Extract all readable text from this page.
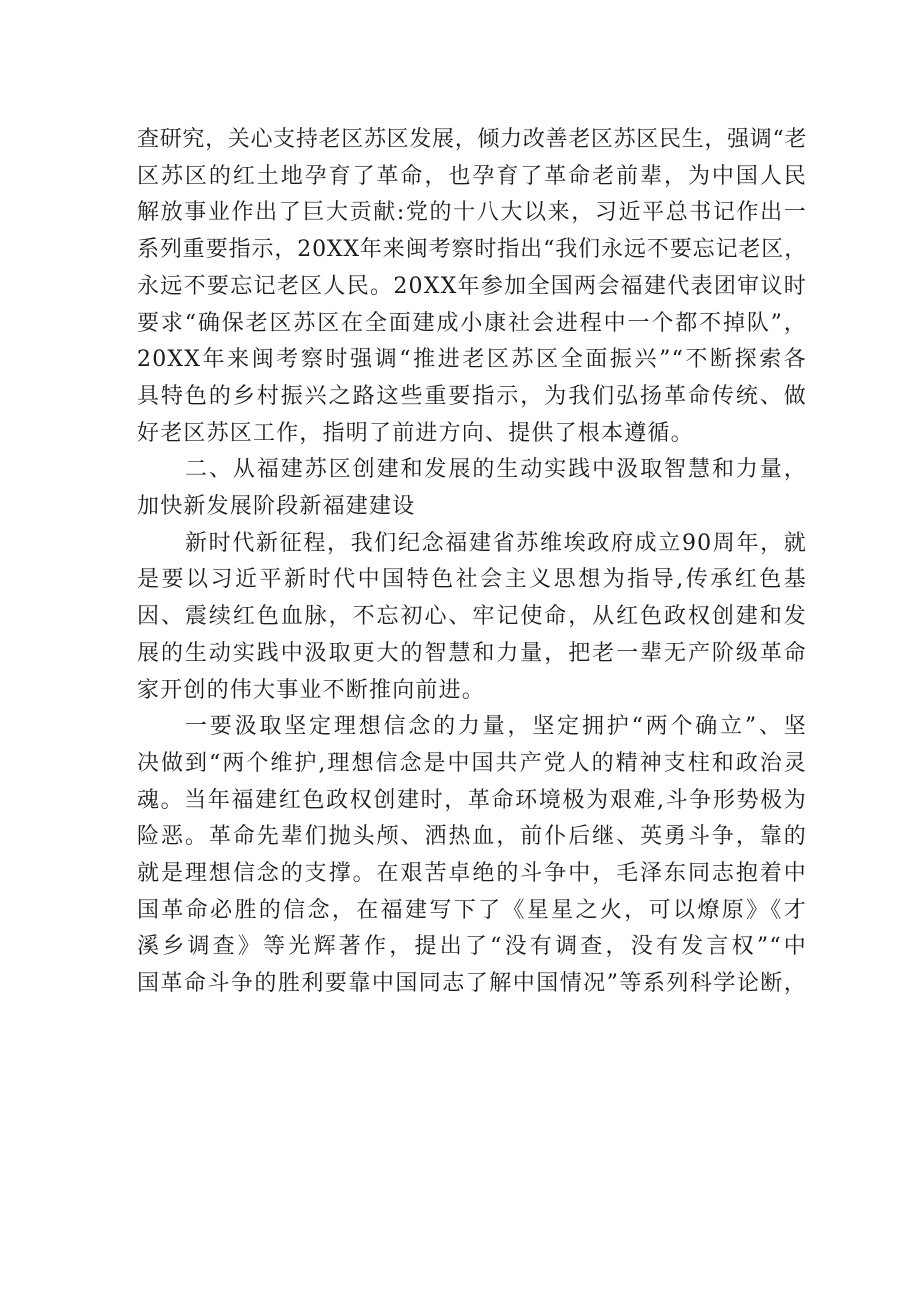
查研究，关心支持老区苏区发展，倾力改善老区苏区民生，强调“老
区苏区的红土地孕育了革命，也孕育了革命老前辈，为中国人民
解放事业作出了巨大贡献:党的十八大以来，习近平总书记作出一
系列重要指示，20XX年来闽考察时指出“我们永远不要忘记老区，
永远不要忘记老区人民。20XX年参加全国两会福建代表团审议时
要求“确保老区苏区在全面建成小康社会进程中一个都不掉队”，
20XX年来闽考察时强调“推进老区苏区全面振兴”“不断探索各
具特色的乡村振兴之路这些重要指示，为我们弘扬革命传统、做
好老区苏区工作，指明了前进方向、提供了根本遵循。
二、从福建苏区创建和发展的生动实践中汲取智慧和力量，
加快新发展阶段新福建建设
新时代新征程，我们纪念福建省苏维埃政府成立90周年，就
是要以习近平新时代中国特色社会主义思想为指导,传承红色基
因、震续红色血脉，不忘初心、牢记使命，从红色政权创建和发
展的生动实践中汲取更大的智慧和力量，把老一辈无产阶级革命
家开创的伟大事业不断推向前进。
一要汲取坚定理想信念的力量，坚定拥护“两个确立”、坚
决做到“两个维护,理想信念是中国共产党人的精神支柱和政治灵
魂。当年福建红色政权创建时，革命环境极为艰难,斗争形势极为
险恶。革命先辈们抛头颅、洒热血，前仆后继、英勇斗争，靠的
就是理想信念的支撑。在艰苦卓绝的斗争中，毛泽东同志抱着中
国革命必胜的信念，在福建写下了《星星之火，可以燎原》《才
溪乡调查》等光辉著作，提出了“没有调查，没有发言权”“中
国革命斗争的胜利要靠中国同志了解中国情况”等系列科学论断，
